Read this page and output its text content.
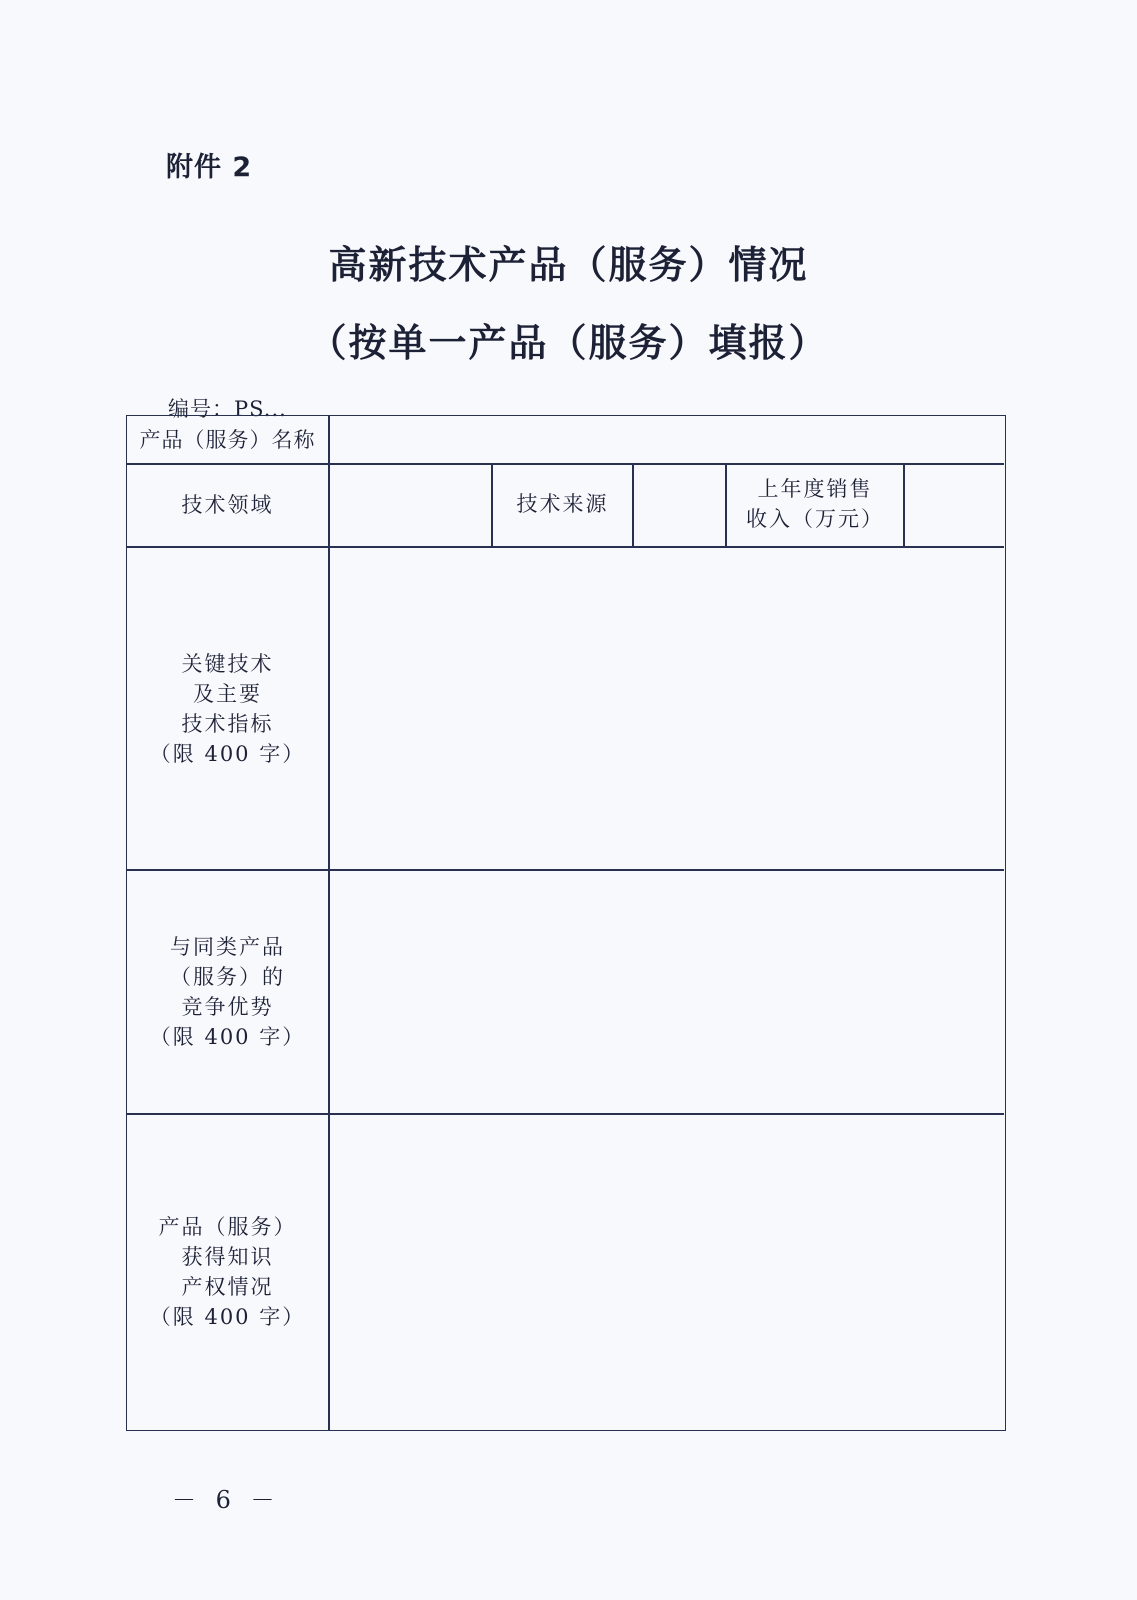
附件 2
高新技术产品（服务）情况
（按单一产品（服务）填报）
编号：PS...
产品（服务）名称
技术领域	技术来源
上年度销售
收入（万元）
关键技术
及主要
技术指标
（限 400 字）
与同类产品
（服务）的
竞争优势
（限 400 字）
产品（服务）
获得知识
产权情况
（限 400 字）
－ 6 －
